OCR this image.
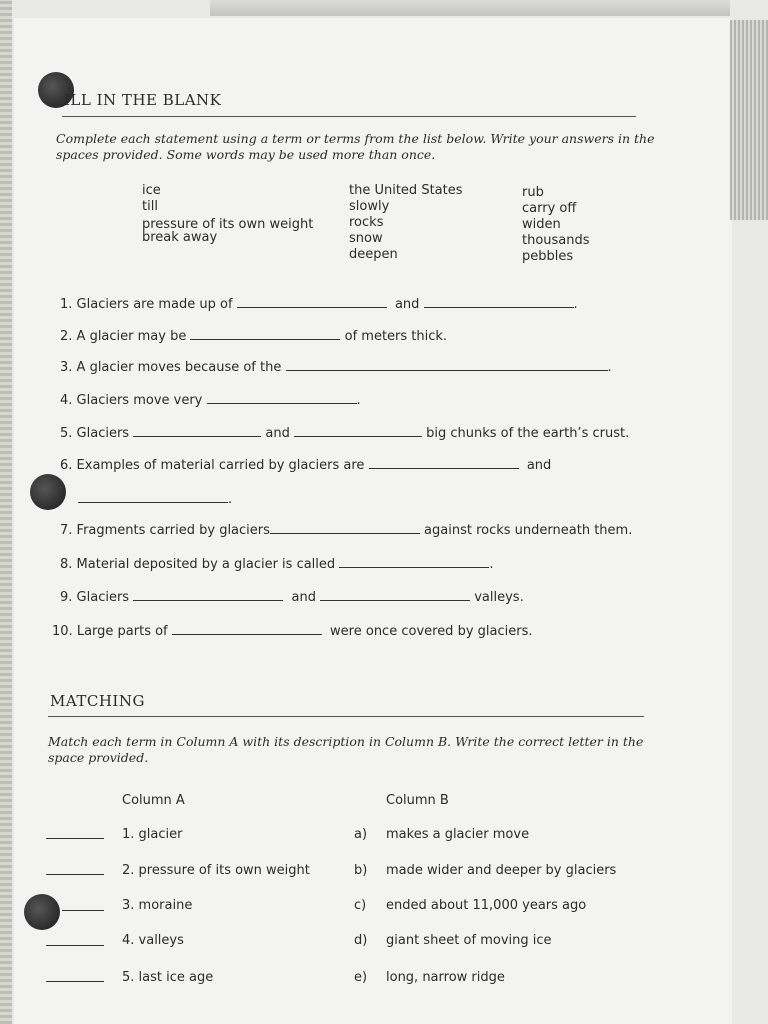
ILL IN THE BLANK
Complete each statement using a term or terms from the list below. Write your answers in the
spaces provided. Some words may be used more than once.
ice
till
pressure of its own weight
break away
the United States
slowly
rocks
snow
deepen
rub
carry off
widen
thousands
pebbles
1. Glaciers are made up of	and	.
2. A glacier may be	of meters thick.
3. A glacier moves because of the	.
4. Glaciers move very	.
5. Glaciers	and	big chunks of the earth’s crust.
6. Examples of material carried by glaciers are	and
.
7. Fragments carried by glaciers	against rocks underneath them.
8. Material deposited by a glacier is called	.
9. Glaciers	and	valleys.
10. Large parts of	were once covered by glaciers.
MATCHING
Match each term in Column A with its description in Column B. Write the correct letter in the
space provided.
Column A	Column B
1. glacier	a) makes a glacier move
2. pressure of its own weight	b) made wider and deeper by glaciers
3. moraine	c) ended about 11,000 years ago
4. valleys	d) giant sheet of moving ice
5. last ice age	e) long, narrow ridge
